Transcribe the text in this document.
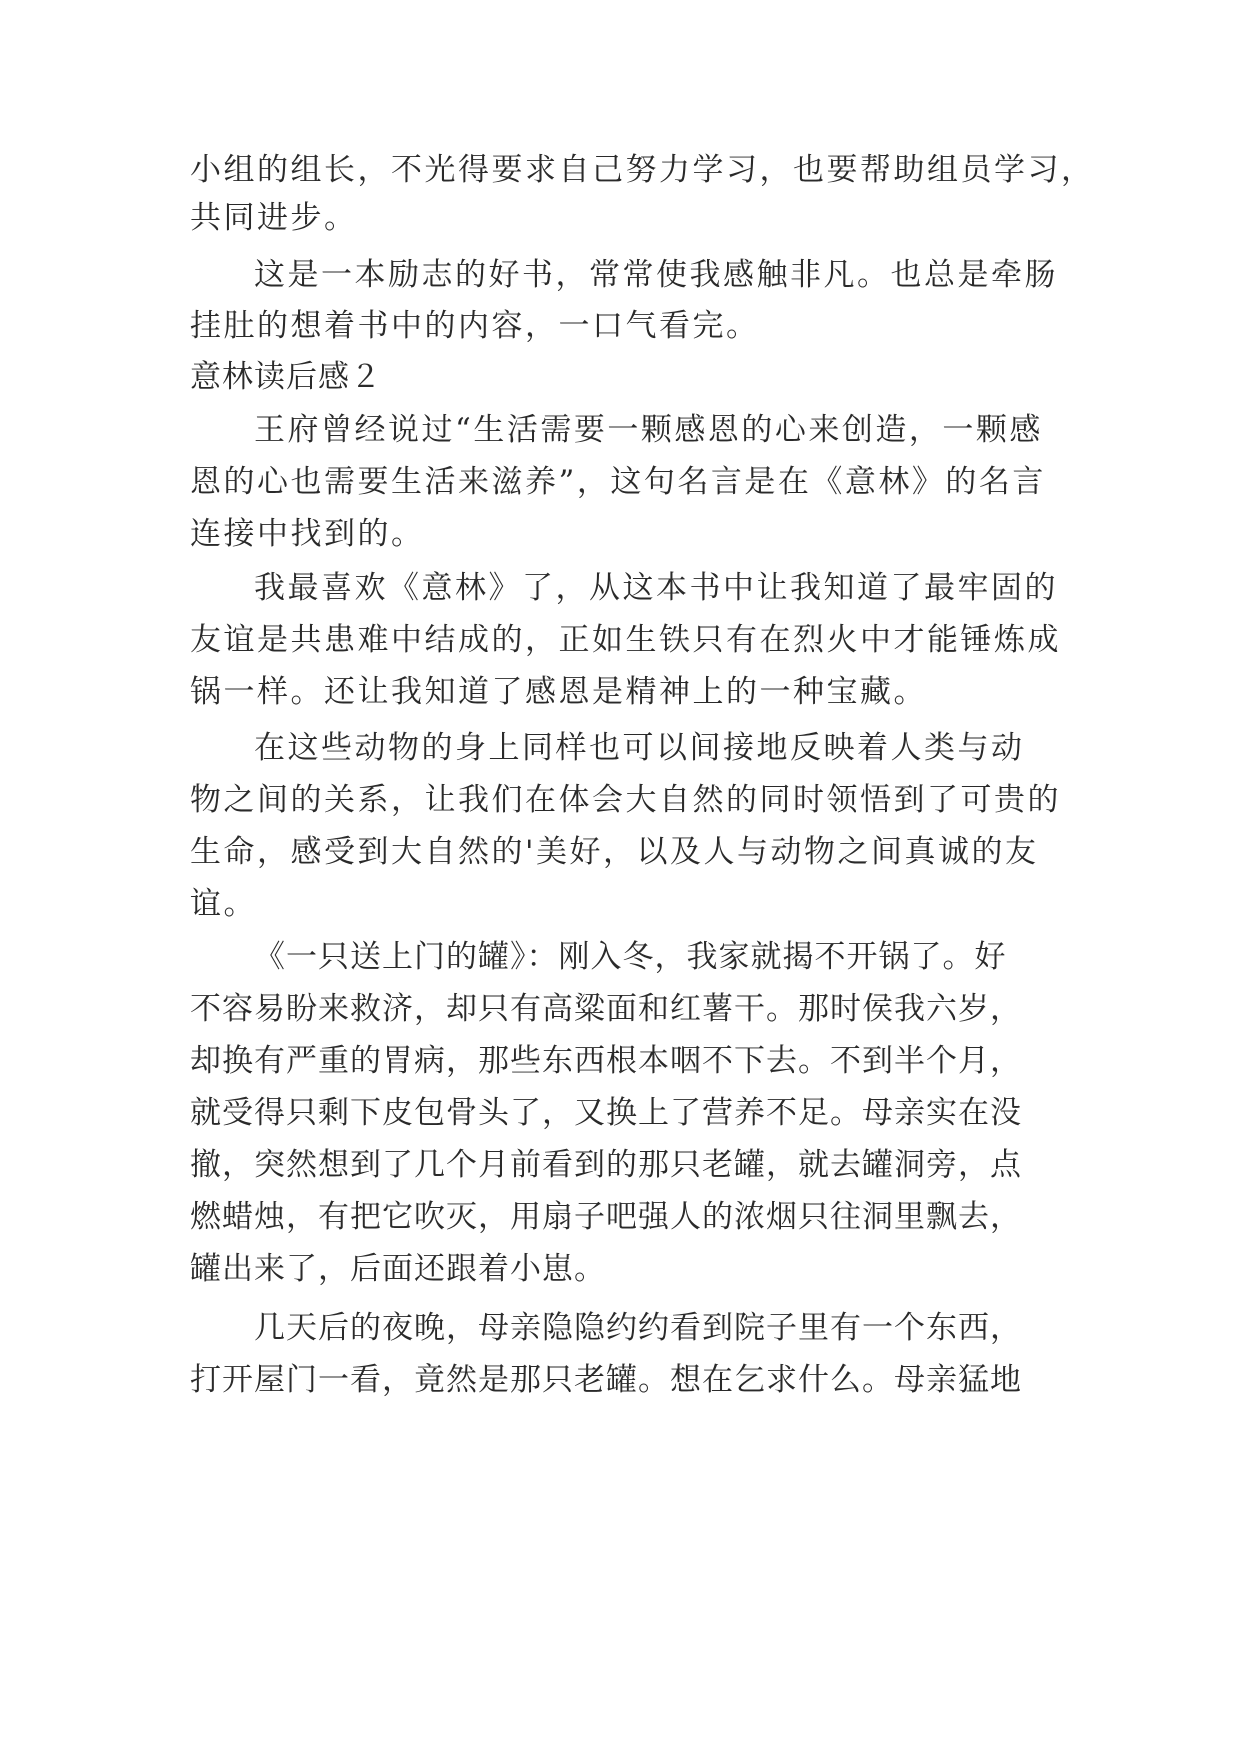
小组的组长，不光得要求自己努力学习，也要帮助组员学习，
共同进步。
这是一本励志的好书，常常使我感触非凡。也总是牵肠
挂肚的想着书中的内容，一口气看完。
意林读后感２
王府曾经说过“生活需要一颗感恩的心来创造，一颗感
恩的心也需要生活来滋养”，这句名言是在《意林》的名言
连接中找到的。
我最喜欢《意林》了，从这本书中让我知道了最牢固的
友谊是共患难中结成的，正如生铁只有在烈火中才能锤炼成
锅一样。还让我知道了感恩是精神上的一种宝藏。
在这些动物的身上同样也可以间接地反映着人类与动
物之间的关系，让我们在体会大自然的同时领悟到了可贵的
生命，感受到大自然的'美好，以及人与动物之间真诚的友
谊。
《一只送上门的罐》：刚入冬，我家就揭不开锅了。好
不容易盼来救济，却只有高粱面和红薯干。那时侯我六岁，
却换有严重的胃病，那些东西根本咽不下去。不到半个月，
就受得只剩下皮包骨头了，又换上了营养不足。母亲实在没
撤，突然想到了几个月前看到的那只老罐，就去罐洞旁，点
燃蜡烛，有把它吹灭，用扇子吧强人的浓烟只往洞里飘去，
罐出来了，后面还跟着小崽。
几天后的夜晚，母亲隐隐约约看到院子里有一个东西，
打开屋门一看，竟然是那只老罐。想在乞求什么。母亲猛地
